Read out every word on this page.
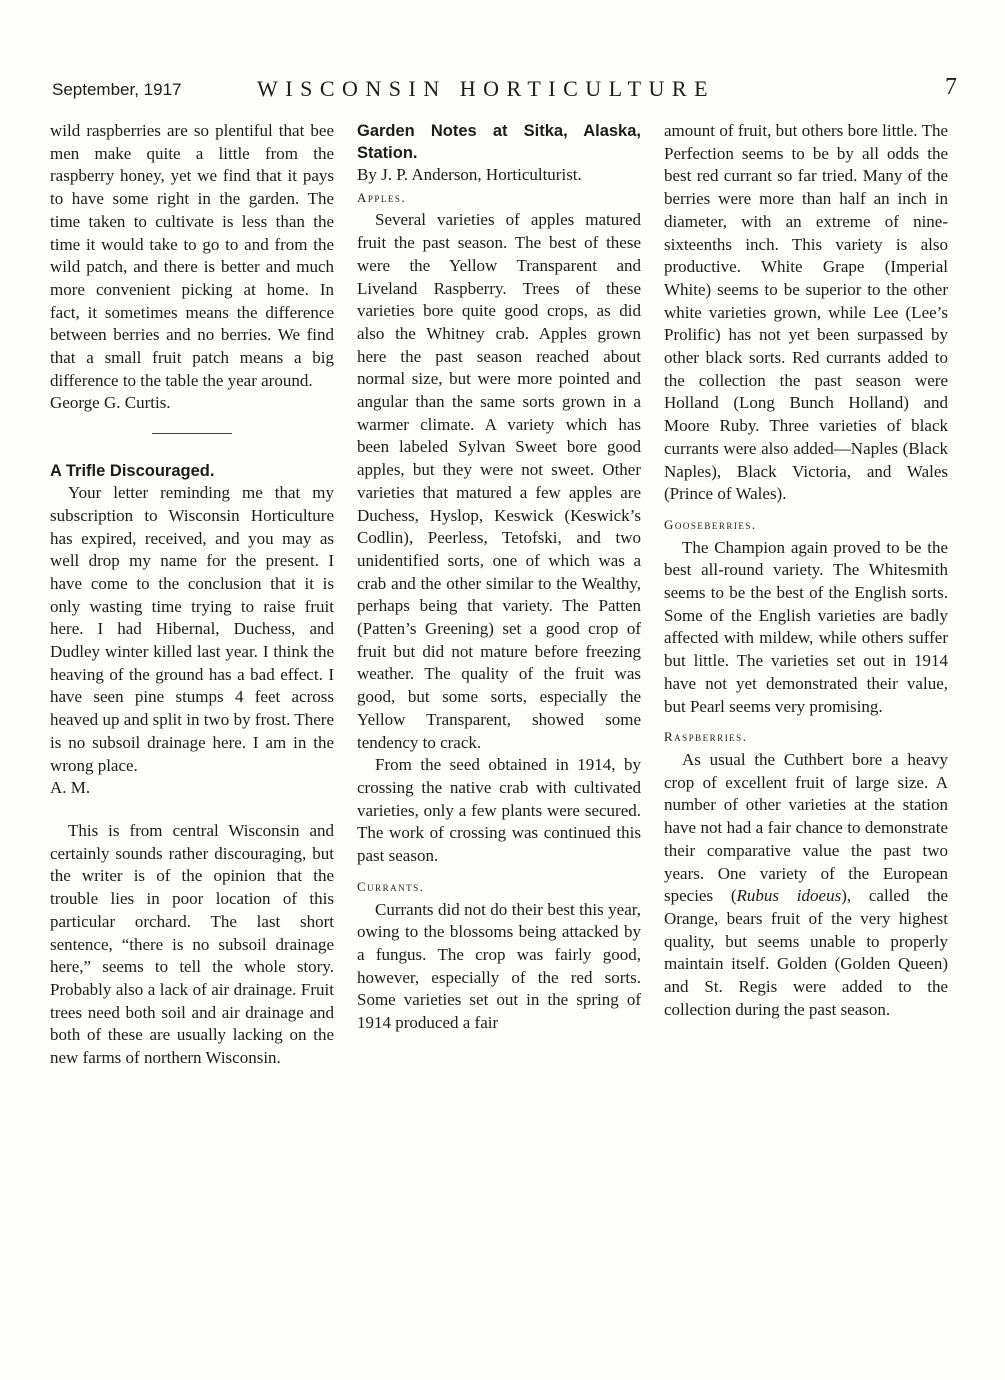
September, 1917	WISCONSIN HORTICULTURE	7

wild raspberries are so plentiful that bee men make quite a little from the raspberry honey, yet we find that it pays to have some right in the garden. The time taken to cultivate is less than the time it would take to go to and from the wild patch, and there is better and much more convenient picking at home. In fact, it sometimes means the difference between berries and no berries. We find that a small fruit patch means a big difference to the table the year around.

George G. Curtis.

A Trifle Discouraged.

Your letter reminding me that my subscription to Wisconsin Horticulture has expired, received, and you may as well drop my name for the present. I have come to the conclusion that it is only wasting time trying to raise fruit here. I had Hibernal, Duchess, and Dudley winter killed last year. I think the heaving of the ground has a bad effect. I have seen pine stumps 4 feet across heaved up and split in two by frost. There is no subsoil drainage here. I am in the wrong place.

A. M.

This is from central Wisconsin and certainly sounds rather discouraging, but the writer is of the opinion that the trouble lies in poor location of this particular orchard. The last short sentence, “there is no subsoil drainage here,” seems to tell the whole story. Probably also a lack of air drainage. Fruit trees need both soil and air drainage and both of these are usually lacking on the new farms of northern Wisconsin.

Garden Notes at Sitka, Alaska, Station.

By J. P. Anderson, Horticulturist.

Apples.

Several varieties of apples matured fruit the past season. The best of these were the Yellow Transparent and Liveland Raspberry. Trees of these varieties bore quite good crops, as did also the Whitney crab. Apples grown here the past season reached about normal size, but were more pointed and angular than the same sorts grown in a warmer climate. A variety which has been labeled Sylvan Sweet bore good apples, but they were not sweet. Other varieties that matured a few apples are Duchess, Hyslop, Keswick (Keswick’s Codlin), Peerless, Tetofski, and two unidentified sorts, one of which was a crab and the other similar to the Wealthy, perhaps being that variety. The Patten (Patten’s Greening) set a good crop of fruit but did not mature before freezing weather. The quality of the fruit was good, but some sorts, especially the Yellow Transparent, showed some tendency to crack.

From the seed obtained in 1914, by crossing the native crab with cultivated varieties, only a few plants were secured. The work of crossing was continued this past season.

Currants.

Currants did not do their best this year, owing to the blossoms being attacked by a fungus. The crop was fairly good, however, especially of the red sorts. Some varieties set out in the spring of 1914 produced a fair

amount of fruit, but others bore little. The Perfection seems to be by all odds the best red currant so far tried. Many of the berries were more than half an inch in diameter, with an extreme of nine-sixteenths inch. This variety is also productive. White Grape (Imperial White) seems to be superior to the other white varieties grown, while Lee (Lee’s Prolific) has not yet been surpassed by other black sorts. Red currants added to the collection the past season were Holland (Long Bunch Holland) and Moore Ruby. Three varieties of black currants were also added—Naples (Black Naples), Black Victoria, and Wales (Prince of Wales).

Gooseberries.

The Champion again proved to be the best all-round variety. The Whitesmith seems to be the best of the English sorts. Some of the English varieties are badly affected with mildew, while others suffer but little. The varieties set out in 1914 have not yet demonstrated their value, but Pearl seems very promising.

Raspberries.

As usual the Cuthbert bore a heavy crop of excellent fruit of large size. A number of other varieties at the station have not had a fair chance to demonstrate their comparative value the past two years. One variety of the European species (Rubus idoeus), called the Orange, bears fruit of the very highest quality, but seems unable to properly maintain itself. Golden (Golden Queen) and St. Regis were added to the collection during the past season.
